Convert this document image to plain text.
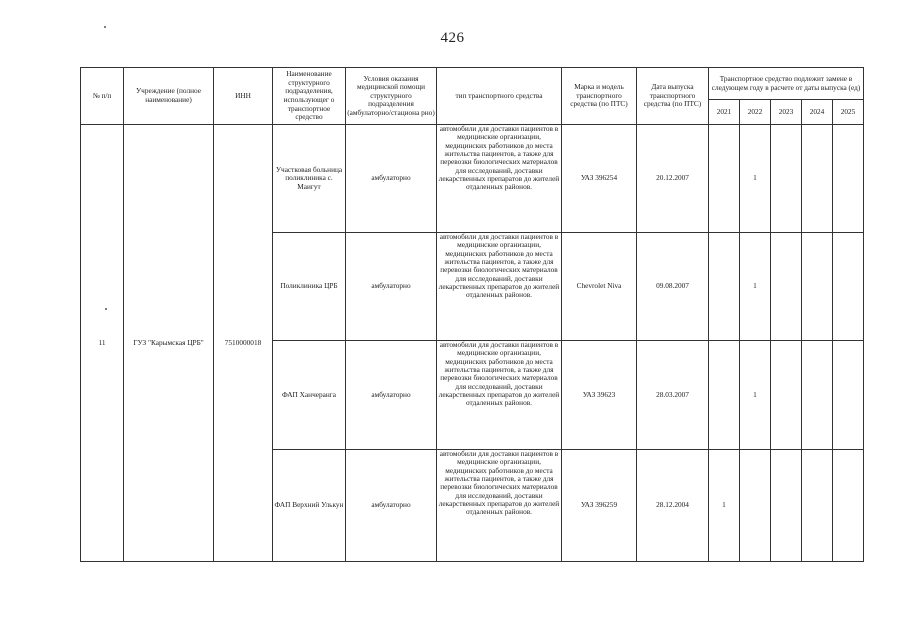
426
№ п/п	Учреждение (полное наименование)	ИНН	Наименование структурного подразделения, использующег о транспортное средство	Условия оказания медицинской помощи структурного подразделения (амбулаторно/стациона рно)	тип транспортного средства	Марка и модель транспортного средства (по ПТС)	Дата выпуска транспортного средства (по ПТС)	Транспортное средство подлежит замене в следующем году в расчете от даты выпуска (ед)				
								2021	2022	2023	2024	2025
11	ГУЗ "Карымская ЦРБ"	7510000018	Участковая больница поликлиника с. Маигут	амбулаторно	автомобили для доставки пациентов в медицинские организации, медицинских работников до места жительства пациентов, а также для перевозки биологических материалов для исследований, доставки лекарственных препаратов до жителей отдаленных районов.	УАЗ 396254	20.12.2007		1			
			Поликлиника ЦРБ	амбулаторно	автомобили для доставки пациентов в медицинские организации, медицинских работников до места жительства пациентов, а также для перевозки биологических материалов для исследований, доставки лекарственных препаратов до жителей отдаленных районов.	Chevrolet Niva	09.08.2007		1			
			ФАП Ханчеранга	амбулаторно	автомобили для доставки пациентов в медицинские организации, медицинских работников до места жительства пациентов, а также для перевозки биологических материалов для исследований, доставки лекарственных препаратов до жителей отдаленных районов.	УАЗ 39623	28.03.2007		1			
			ФАП Верхний Улькун	амбулаторно	автомобили для доставки пациентов в медицинские организации, медицинских работников до места жительства пациентов, а также для перевозки биологических материалов для исследований, доставки лекарственных препаратов до жителей отдаленных районов.	УАЗ 396259	28.12.2004	1				
